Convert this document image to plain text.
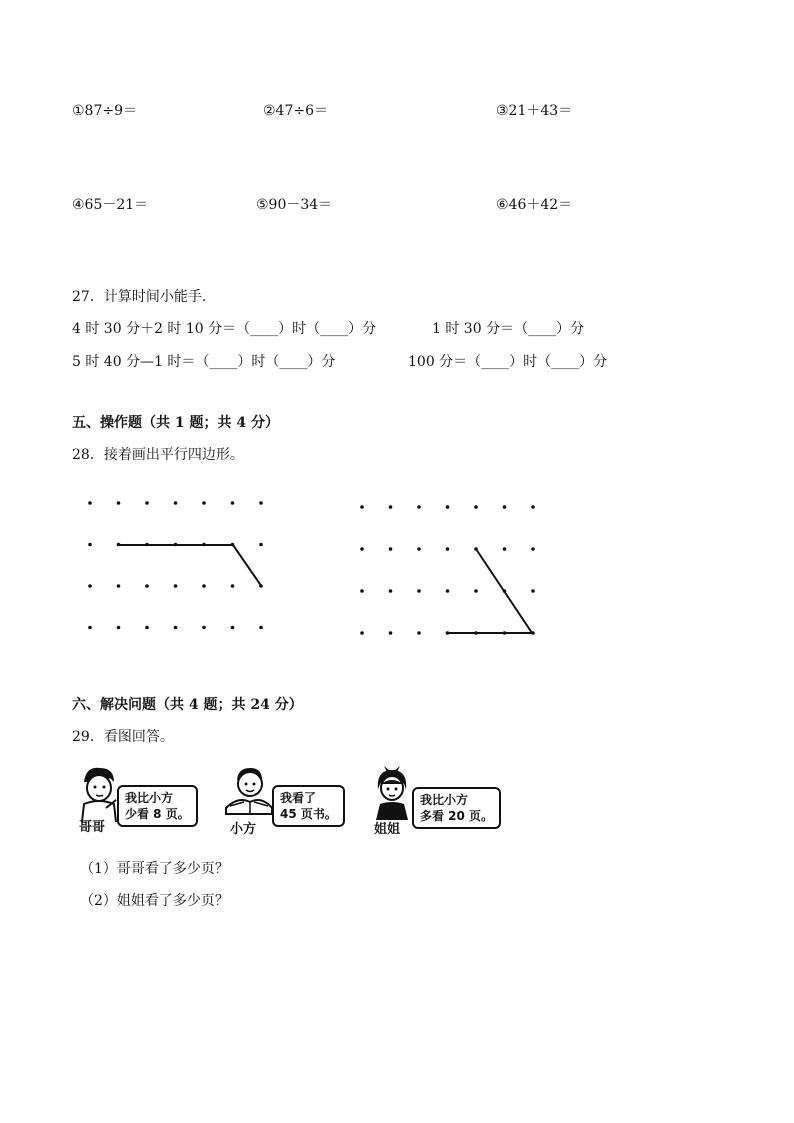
①87÷9＝	②47÷6＝	③21＋43＝
④65－21＝	⑤90－34＝	⑥46＋42＝
27．计算时间小能手.
4 时 30 分＋2 时 10 分＝（____）时（____）分	1 时 30 分＝（____）分
5 时 40 分—1 时＝（____）时（____）分	100 分＝（____）时（____）分
五、操作题（共 1 题；共 4 分）
28．接着画出平行四边形。
六、解决问题（共 4 题；共 24 分）
29．看图回答。
哥哥
我比小方
少看 8 页。
小方
我看了
45 页书。
姐姐
我比小方
多看 20 页。
（1）哥哥看了多少页？
（2）姐姐看了多少页？
